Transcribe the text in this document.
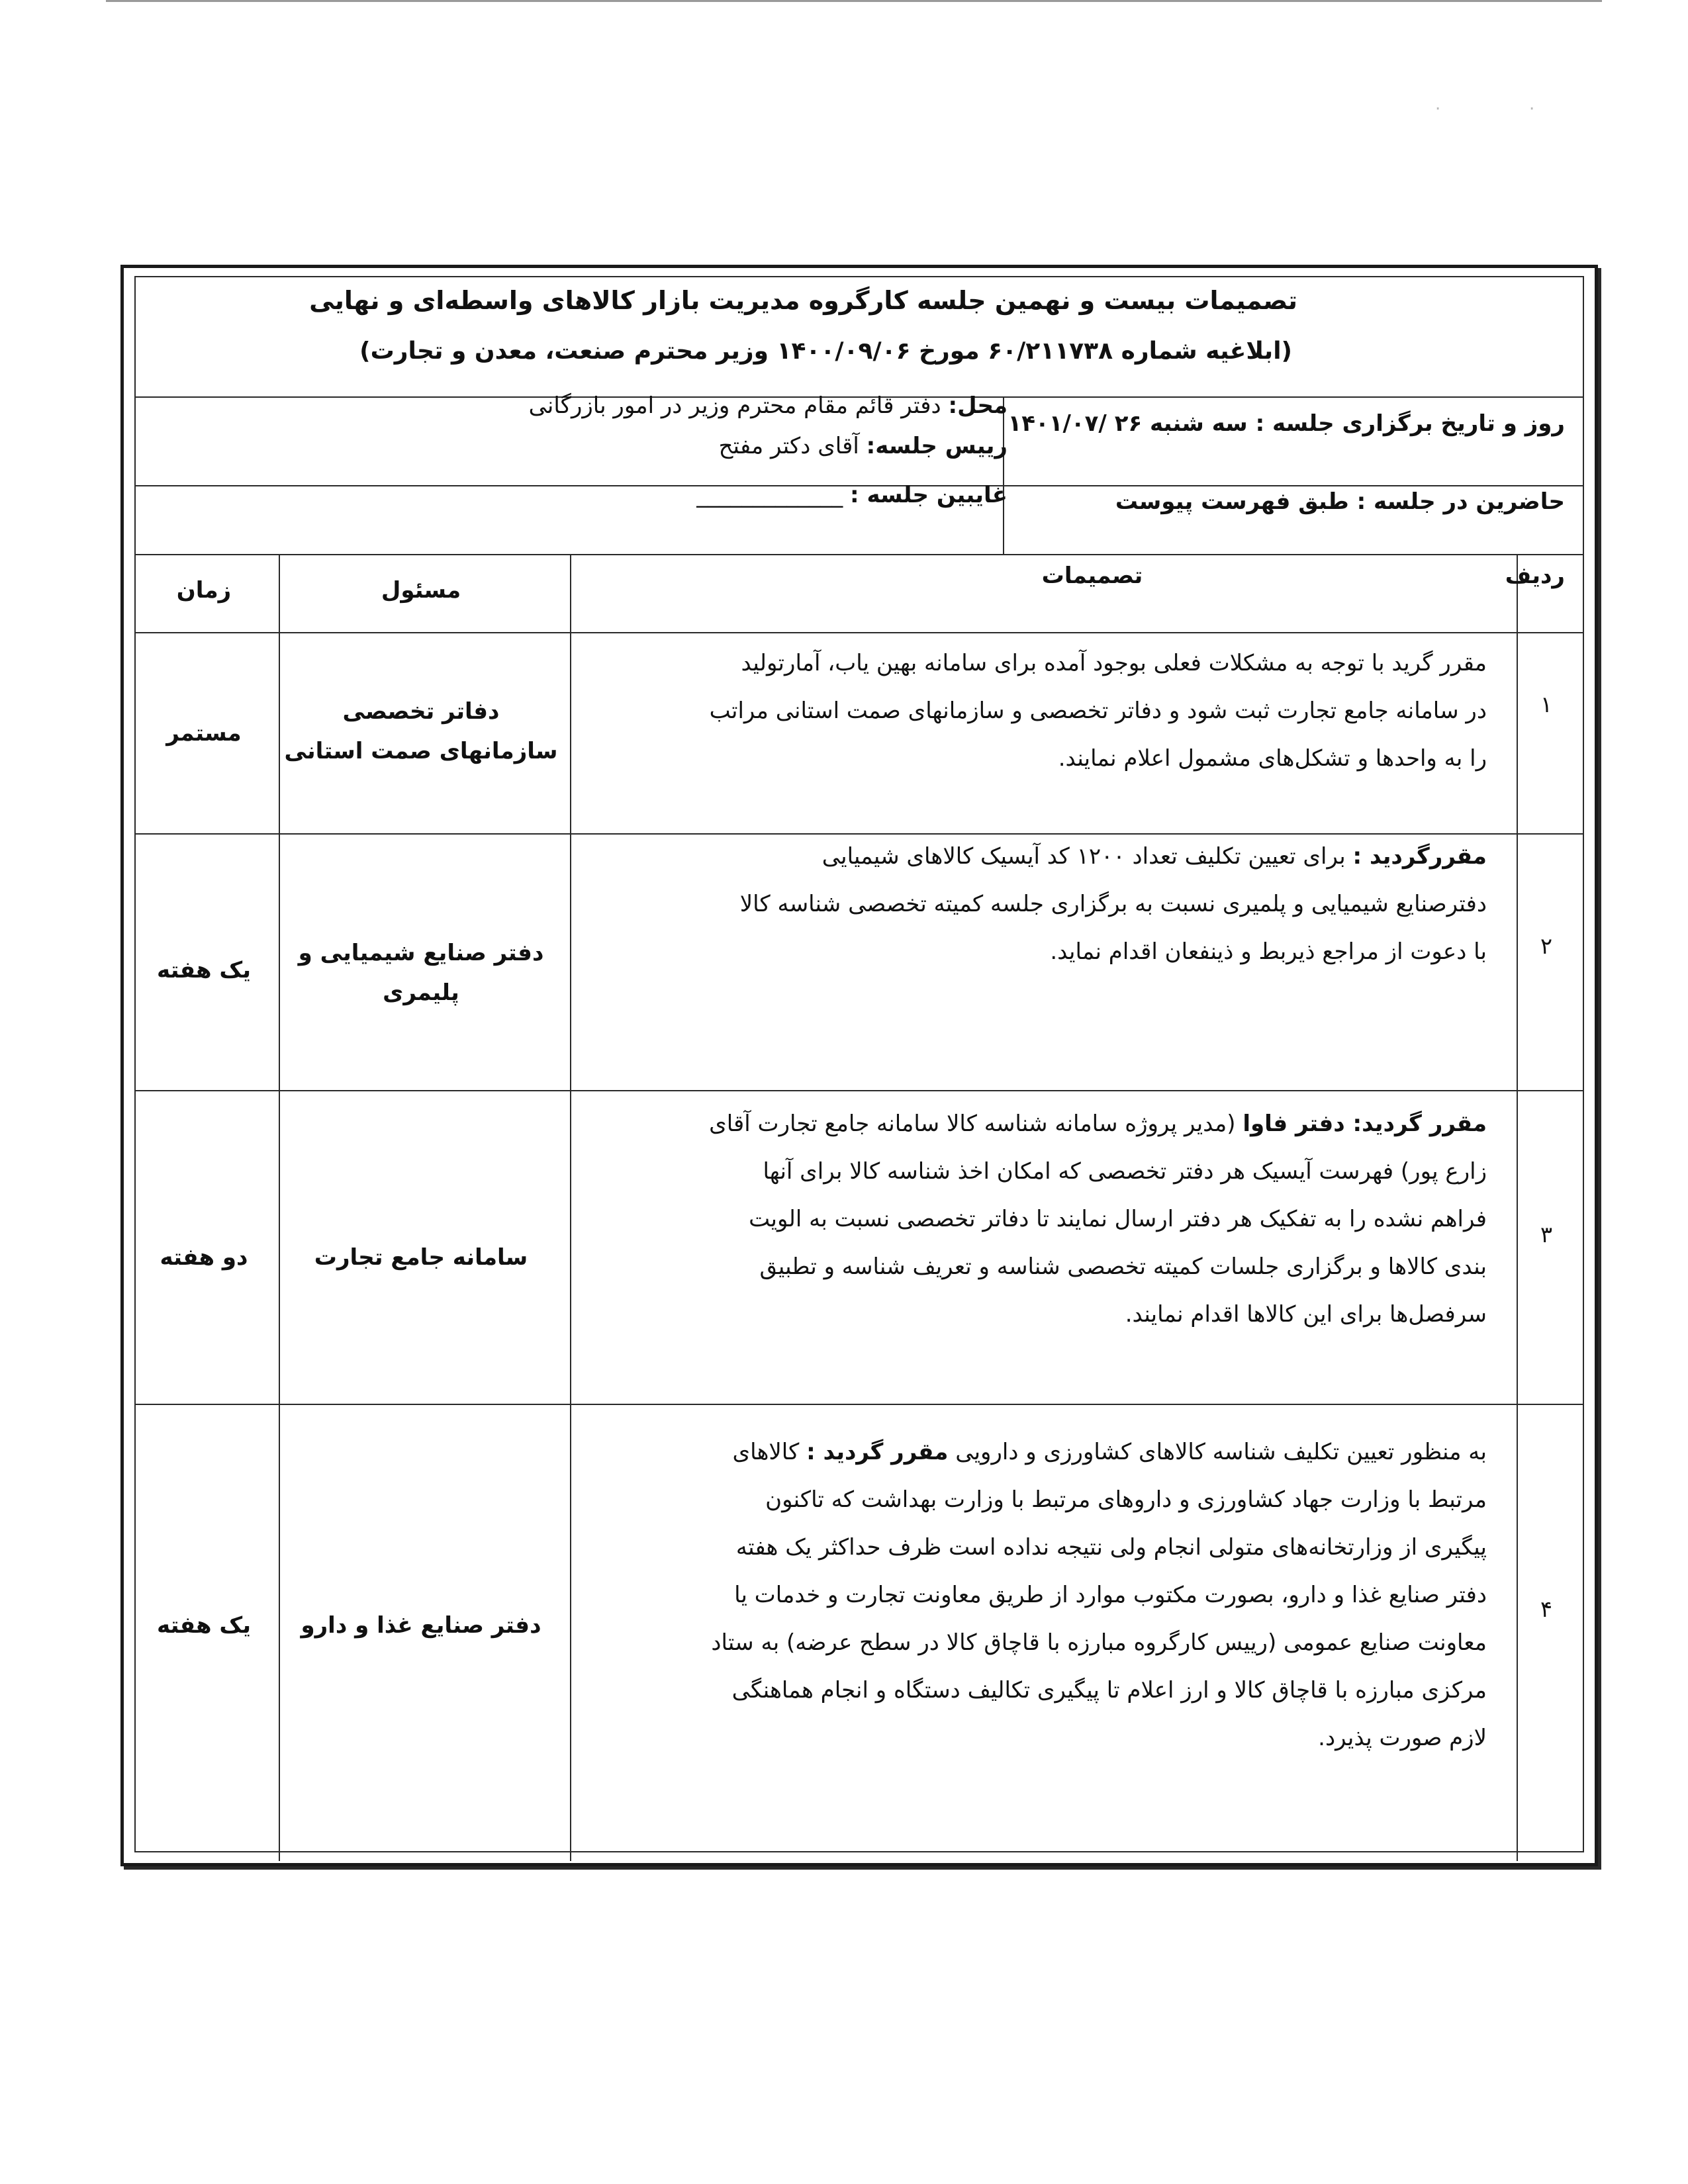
·	·
تصمیمات بیست و نهمین جلسه کارگروه مدیریت بازار کالاهای واسطه‌ای و نهایی
(ابلاغیه شماره ۶۰/۲۱۱۷۳۸ مورخ ۱۴۰۰/۰۹/۰۶ وزیر محترم صنعت، معدن و تجارت)
محل: دفتر قائم مقام محترم وزیر در امور بازرگانی
رییس جلسه: آقای دکتر مفتح
روز و تاریخ برگزاری جلسه : سه شنبه ۲۶ /۱۴۰۱/۰۷
غایبین جلسه : _____________	حاضرین در جلسه : طبق فهرست پیوست
ردیف
تصمیمات
مسئول
زمان
۱

مقرر گرید با توجه به مشکلات فعلی بوجود آمده برای سامانه بهین یاب، آمارتولید

در سامانه جامع تجارت ثبت شود و دفاتر تخصصی و سازمانهای صمت استانی مراتب

را به واحدها و تشکل‌های مشمول اعلام نمایند.

دفاتر تخصصی
سازمانهای صمت استانی
مستمر
۲

مقررگردید : برای تعیین تکلیف تعداد ۱۲۰۰ کد آیسیک کالاهای شیمیایی

دفترصنایع شیمیایی و پلمیری نسبت به برگزاری جلسه کمیته تخصصی شناسه کالا

با دعوت از مراجع ذیربط و ذینفعان اقدام نماید.

دفتر صنایع شیمیایی و
پلیمری
یک هفته
۳

مقرر گردید: دفتر فاوا (مدیر پروژه سامانه شناسه کالا سامانه جامع تجارت آقای

زارع پور) فهرست آیسیک هر دفتر تخصصی که امکان اخذ شناسه کالا برای آنها

فراهم نشده را به تفکیک هر دفتر ارسال نمایند تا دفاتر تخصصی نسبت به الویت

بندی کالاها و برگزاری جلسات کمیته تخصصی شناسه و تعریف شناسه و تطبیق

سرفصل‌ها برای این کالاها اقدام نمایند.

سامانه جامع تجارت
دو هفته
۴

به منظور تعیین تکلیف شناسه کالاهای کشاورزی و دارویی مقرر گردید : کالاهای

مرتبط با وزارت جهاد کشاورزی و داروهای مرتبط با وزارت بهداشت که تاکنون

پیگیری از وزارتخانه‌های متولی انجام ولی نتیجه نداده است ظرف حداکثر یک هفته

دفتر صنایع غذا و دارو، بصورت مکتوب موارد از طریق معاونت تجارت و خدمات یا

معاونت صنایع عمومی (رییس کارگروه مبارزه با قاچاق کالا در سطح عرضه) به ستاد

مرکزی مبارزه با قاچاق کالا و ارز اعلام تا پیگیری تکالیف دستگاه و انجام هماهنگی

لازم صورت پذیرد.

دفتر صنایع غذا و دارو
یک هفته
